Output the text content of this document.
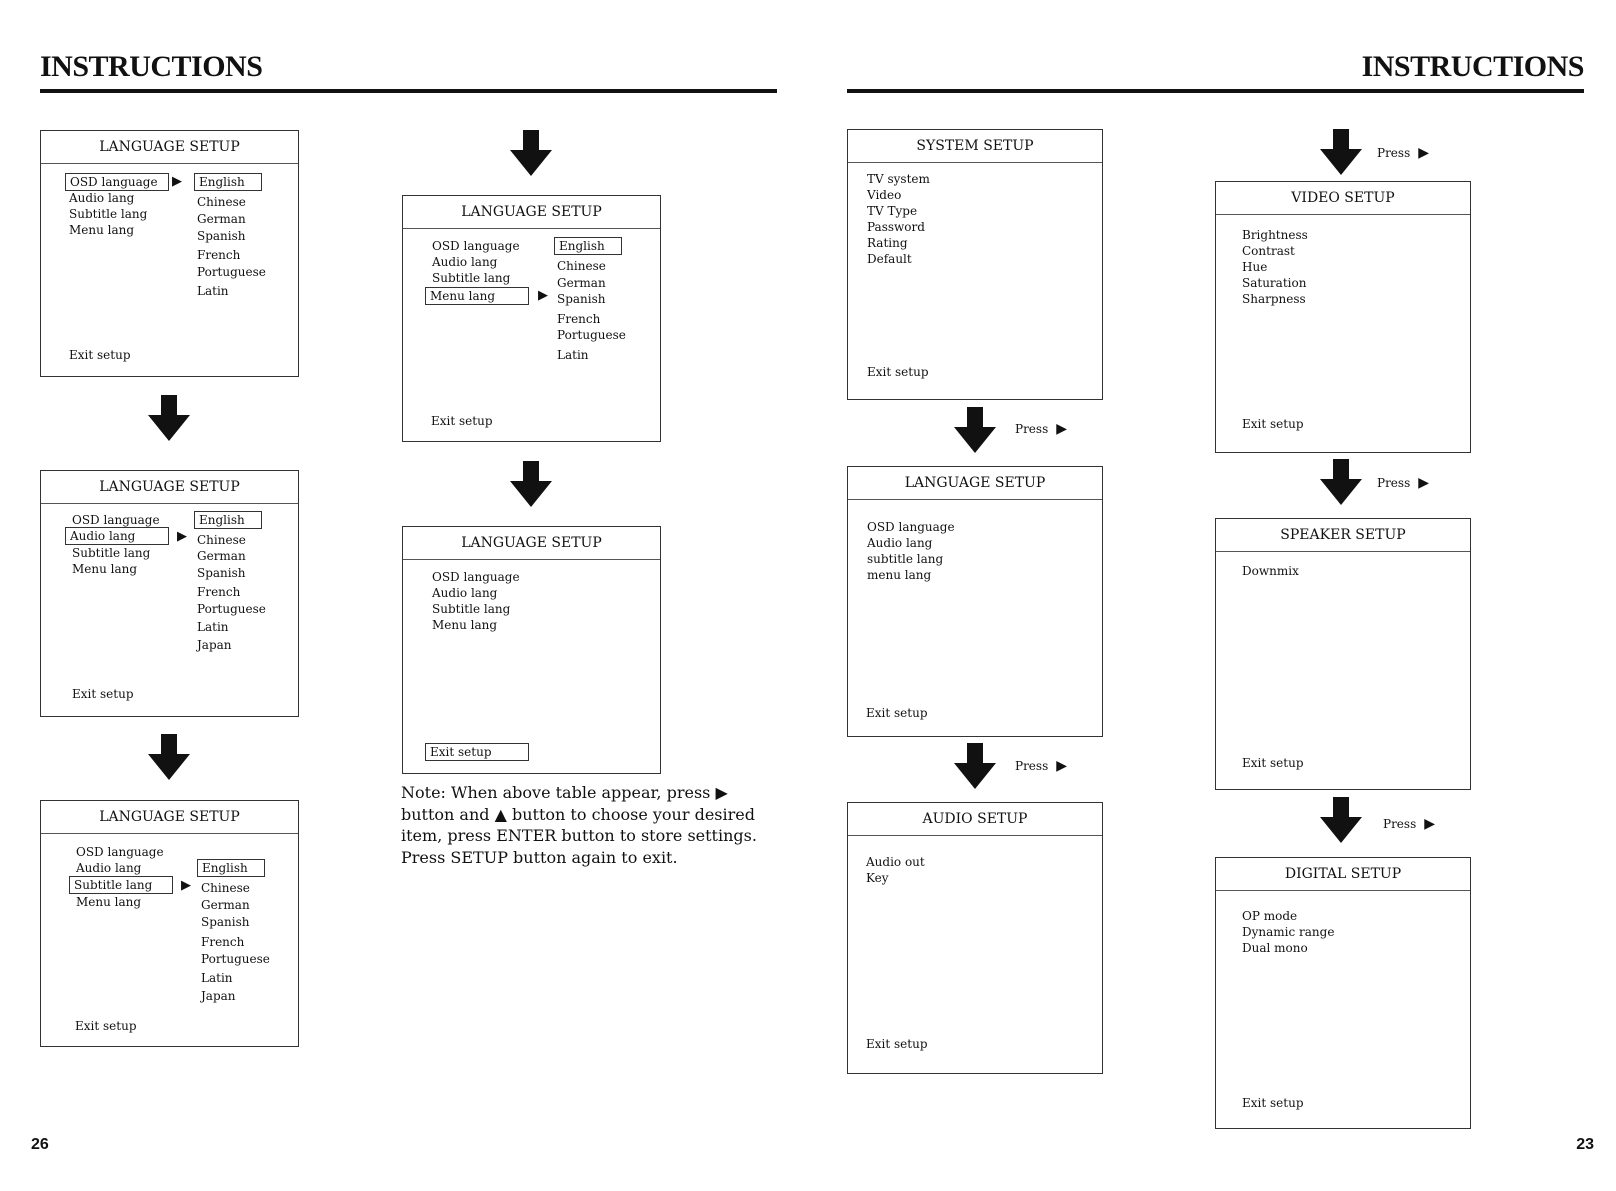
INSTRUCTIONS
LANGUAGE SETUP
OSD language
Audio lang
Subtitle lang
Menu lang
▶	English
Chinese
German
Spanish
French
Portuguese
Latin
Exit setup
LANGUAGE SETUP
OSD language
Audio lang
Subtitle lang
Menu lang
▶
English
Chinese
German
Spanish
French
Portuguese
Latin
Japan
Exit setup
LANGUAGE SETUP
OSD language
Audio lang
Subtitle lang
Menu lang
▶
English
Chinese
German
Spanish
French
Portuguese
Latin
Japan
Exit setup
LANGUAGE SETUP
OSD language
Audio lang
Subtitle lang
Menu lang	▶
English
Chinese
German
Spanish
French
Portuguese
Latin
Exit setup
LANGUAGE SETUP
OSD language
Audio lang
Subtitle lang
Menu lang
Exit setup
Note: When above table appear, press ▶ button and ▲ button to choose your desired item, press ENTER button to store settings. Press SETUP button again to exit.
26
INSTRUCTIONS
SYSTEM SETUP
TV system
Video
TV Type
Password
Rating
Default
Exit setup
Press ▶
LANGUAGE SETUP
OSD language
Audio lang
subtitle lang
menu lang
Exit setup
Press ▶
AUDIO SETUP
Audio out
Key
Exit setup
Press ▶
VIDEO SETUP
Brightness
Contrast
Hue
Saturation
Sharpness
Exit setup
Press ▶
SPEAKER SETUP
Downmix
Exit setup
Press ▶
DIGITAL SETUP
OP mode
Dynamic range
Dual mono
Exit setup
23
